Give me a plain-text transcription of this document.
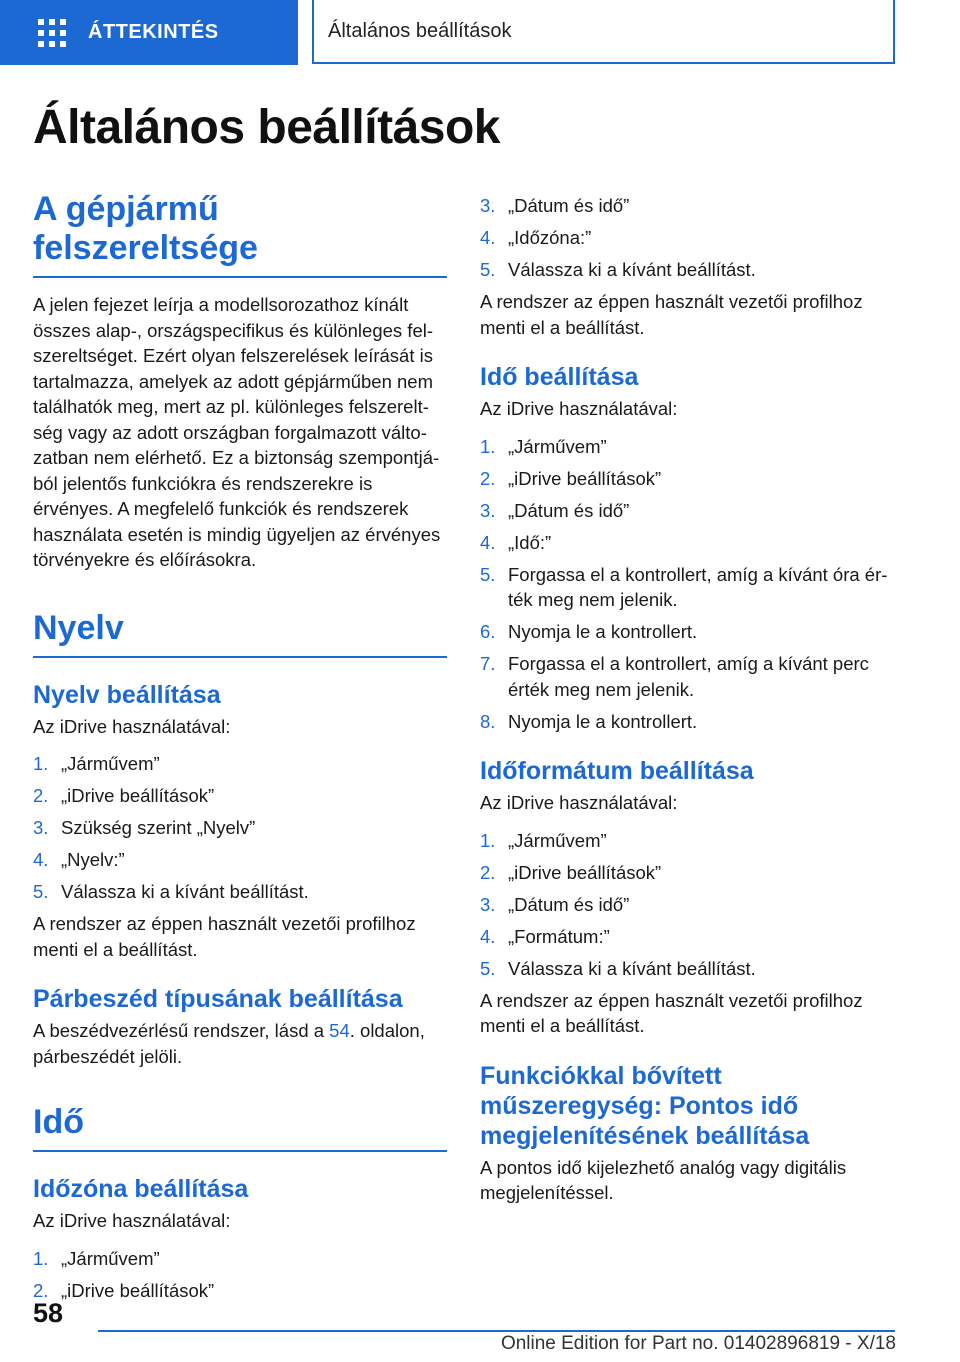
ÁTTEKINTÉS	Általános beállítások
Általános beállítások
A gépjármű felszereltsége

A jelen fejezet leírja a modellsorozathoz kínált összes alap-, országspecifikus és különleges felszereltséget. Ezért olyan felszerelések leírását is tartalmazza, amelyek az adott gépjárműben nem találhatók meg, mert az pl. különleges felszereltség vagy az adott országban forgalmazott változatban nem elérhető. Ez a biztonság szempontjából jelentős funkciókra és rendszerekre is érvényes. A megfelelő funkciók és rendszerek használata esetén is mindig ügyeljen az érvényes törvényekre és előírásokra.

Nyelv
Nyelv beállítása

Az iDrive használatával:

1. „Járművem”
2. „iDrive beállítások”
3. Szükség szerint „Nyelv”
4. „Nyelv:”
5. Válassza ki a kívánt beállítást.

A rendszer az éppen használt vezetői profilhoz menti el a beállítást.

Párbeszéd típusának beállítása

A beszédvezérlésű rendszer, lásd a 54. oldalon, párbeszédét jelöli.

Idő
Időzóna beállítása

Az iDrive használatával:

1. „Járművem”
2. „iDrive beállítások”
3. „Dátum és idő”
4. „Időzóna:”
5. Válassza ki a kívánt beállítást.

A rendszer az éppen használt vezetői profilhoz menti el a beállítást.

Idő beállítása

Az iDrive használatával:

1. „Járművem”
2. „iDrive beállítások”
3. „Dátum és idő”
4. „Idő:”
5. Forgassa el a kontrollert, amíg a kívánt óra érték meg nem jelenik.
6. Nyomja le a kontrollert.
7. Forgassa el a kontrollert, amíg a kívánt perc érték meg nem jelenik.
8. Nyomja le a kontrollert.
Időformátum beállítása

Az iDrive használatával:

1. „Járművem”
2. „iDrive beállítások”
3. „Dátum és idő”
4. „Formátum:”
5. Válassza ki a kívánt beállítást.

A rendszer az éppen használt vezetői profilhoz menti el a beállítást.

Funkciókkal bővített műszeregység: Pontos idő megjelenítésének beállítása

A pontos idő kijelezhető analóg vagy digitális megjelenítéssel.

58
Online Edition for Part no. 01402896819 - X/18
